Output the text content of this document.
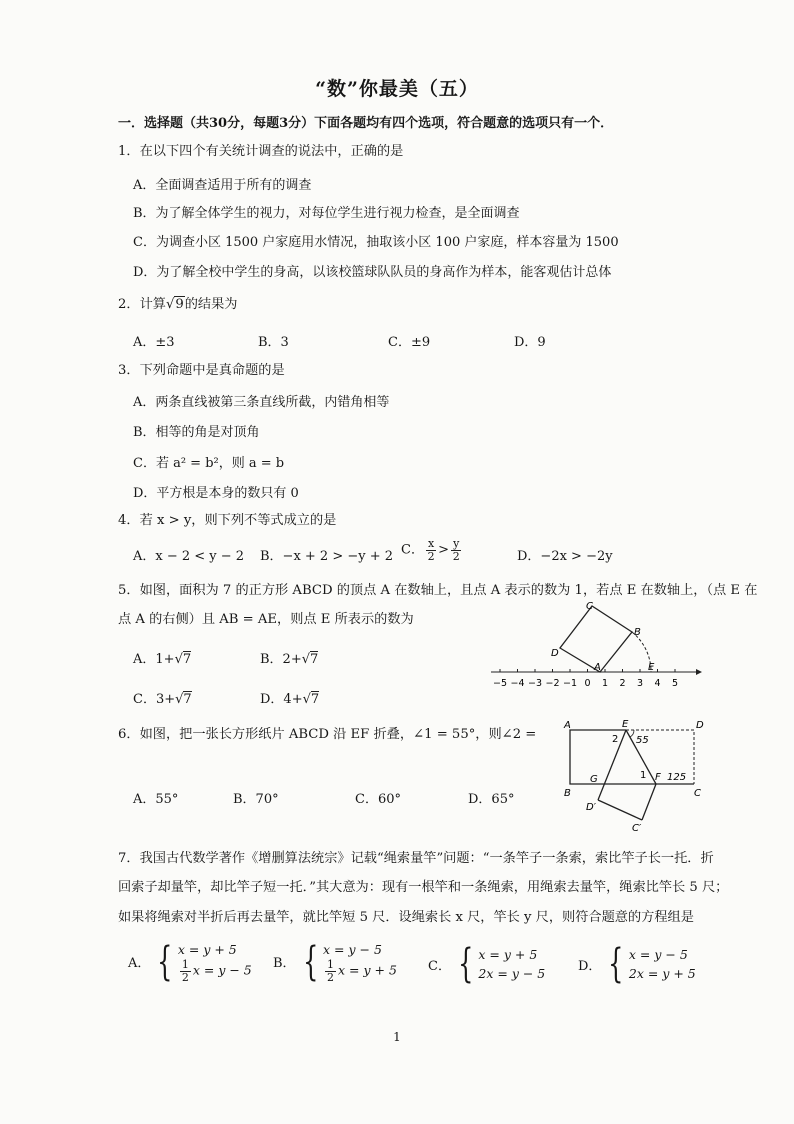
“数”你最美（五）
一．选择题（共30分，每题3分）下面各题均有四个选项，符合题意的选项只有一个．
1．在以下四个有关统计调查的说法中，正确的是
A．全面调查适用于所有的调查
B．为了解全体学生的视力，对每位学生进行视力检查，是全面调查
C．为调查小区 1500 户家庭用水情况，抽取该小区 100 户家庭，样本容量为 1500
D．为了解全校中学生的身高，以该校篮球队队员的身高作为样本，能客观估计总体
2．计算√9的结果为
A．±3	B．3	C．±9	D．9
3．下列命题中是真命题的是
A．两条直线被第三条直线所截，内错角相等
B．相等的角是对顶角
C．若 a² = b²，则 a = b
D．平方根是本身的数只有 0
4．若 x > y，则下列不等式成立的是
A．x − 2 < y − 2 B．−x + 2 > −y + 2 C． $\frac{x}{2} > \frac{y}{2}$	D．−2x > −2y
5．如图，面积为 7 的正方形 ABCD 的顶点 A 在数轴上，且点 A 表示的数为 1，若点 E 在数轴上，（点 E 在
点 A 的右侧）且 AB = AE，则点 E 所表示的数为
A．1+√7	B．2+√7
C．3+√7	D．4+√7
−5 −4 −3 −2 −1 0 1 2 3 4 5
C
B
D
A	E
6．如图，把一张长方形纸片 ABCD 沿 EF 折叠，∠1 = 55°，则∠2 =
A．55°	B．70°	C．60°	D．65°
A	E	D
2 55
G	1 F 125
B	C
D′
C′
7．我国古代数学著作《增删算法统宗》记载“绳索量竿”问题：“一条竿子一条索，索比竿子长一托．折
回索子却量竿，却比竿子短一托．”其大意为：现有一根竿和一条绳索，用绳索去量竿，绳索比竿长 5 尺；
如果将绳索对半折后再去量竿，就比竿短 5 尺．设绳索长 x 尺，竿长 y 尺，则符合题意的方程组是
A． { x = y + 5
$\frac{1}{2}$ x = y − 5 B． { x = y − 5
$\frac{1}{2}$ x = y + 5 C． { x = y + 5
2x = y − 5	D． { x = y − 5
2x = y + 5
1
